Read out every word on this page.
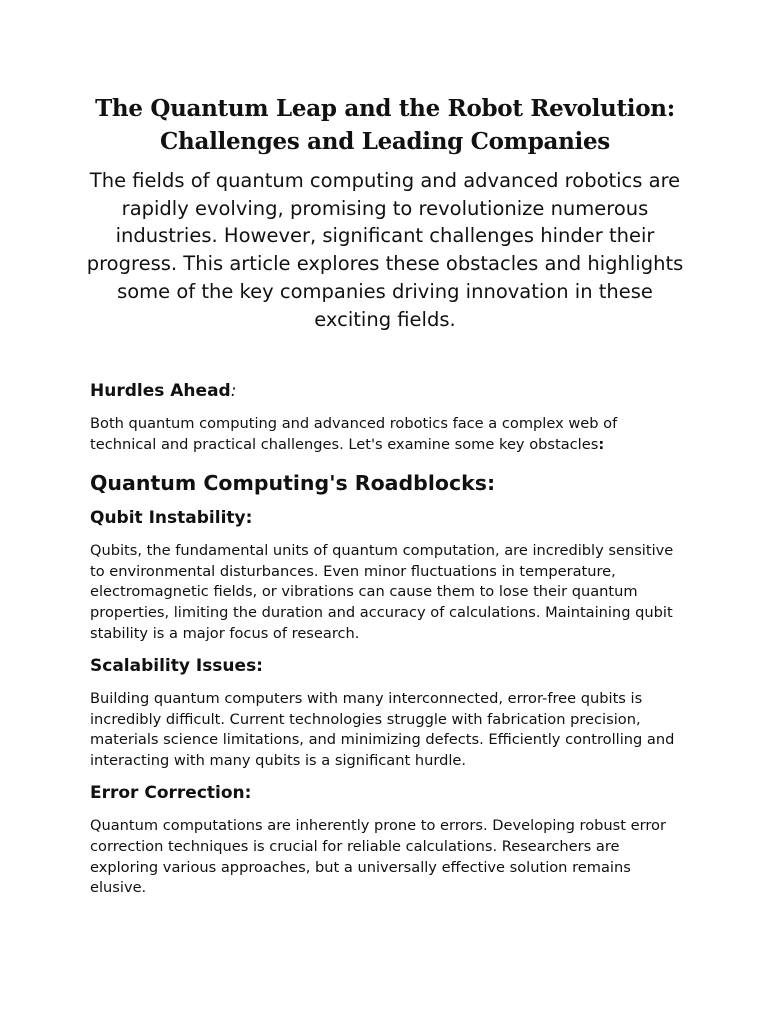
The Quantum Leap and the Robot Revolution:
Challenges and Leading Companies

The fields of quantum computing and advanced robotics are rapidly evolving, promising to revolutionize numerous industries. However, significant challenges hinder their progress. This article explores these obstacles and highlights some of the key companies driving innovation in these exciting fields.

Hurdles Ahead:

Both quantum computing and advanced robotics face a complex web of technical and practical challenges. Let's examine some key obstacles:

Quantum Computing's Roadblocks:
Qubit Instability:

Qubits, the fundamental units of quantum computation, are incredibly sensitive to environmental disturbances. Even minor fluctuations in temperature, electromagnetic fields, or vibrations can cause them to lose their quantum properties, limiting the duration and accuracy of calculations. Maintaining qubit stability is a major focus of research.

Scalability Issues:

Building quantum computers with many interconnected, error-free qubits is incredibly difficult. Current technologies struggle with fabrication precision, materials science limitations, and minimizing defects. Efficiently controlling and interacting with many qubits is a significant hurdle.

Error Correction:

Quantum computations are inherently prone to errors. Developing robust error correction techniques is crucial for reliable calculations. Researchers are exploring various approaches, but a universally effective solution remains elusive.
